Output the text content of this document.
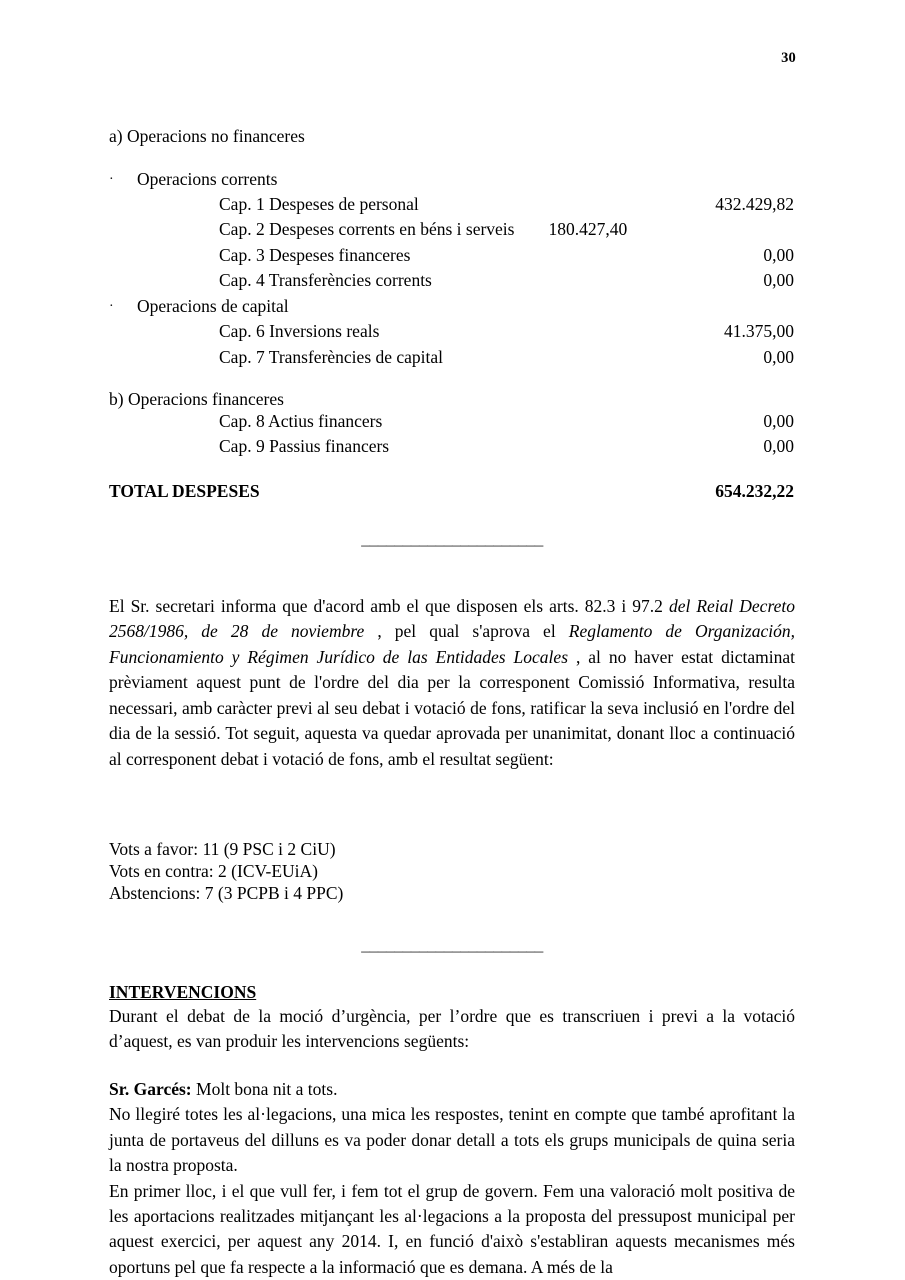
30
a) Operacions no financeres
·	Operacions corrents
Cap. 1 Despeses de personal	432.429,82
Cap. 2 Despeses corrents en béns i serveis	180.427,40
Cap. 3 Despeses financeres	0,00
Cap. 4 Transferències corrents	0,00
·	Operacions de capital
Cap. 6 Inversions reals	41.375,00
Cap. 7 Transferències de capital	0,00
b) Operacions financeres
Cap. 8 Actius financers	0,00
Cap. 9 Passius financers	0,00
TOTAL DESPESES	654.232,22
______________________

El Sr. secretari informa que d'acord amb el que disposen els arts. 82.3 i 97.2 del Reial Decreto 2568/1986, de 28 de noviembre , pel qual s'aprova el Reglamento de Organización, Funcionamiento y Régimen Jurídico de las Entidades Locales , al no haver estat dictaminat prèviament aquest punt de l'ordre del dia per la corresponent Comissió Informativa, resulta necessari, amb caràcter previ al seu debat i votació de fons, ratificar la seva inclusió en l'ordre del dia de la sessió. Tot seguit, aquesta va quedar aprovada per unanimitat, donant lloc a continuació al corresponent debat i votació de fons, amb el resultat següent:

Vots a favor: 11 (9 PSC i 2 CiU)
Vots en contra: 2 (ICV-EUiA)
Abstencions: 7 (3 PCPB i 4 PPC)
______________________
INTERVENCIONS

Durant el debat de la moció d’urgència, per l’ordre que es transcriuen i previ a la votació d’aquest, es van produir les intervencions següents:

Sr. Garcés: Molt bona nit a tots.

No llegiré totes les al·legacions, una mica les respostes, tenint en compte que també aprofitant la junta de portaveus del dilluns es va poder donar detall a tots els grups municipals de quina seria la nostra proposta.

En primer lloc, i el que vull fer, i fem tot el grup de govern. Fem una valoració molt positiva de les aportacions realitzades mitjançant les al·legacions a la proposta del pressupost municipal per aquest exercici, per aquest any 2014. I, en funció d'això s'establiran aquests mecanismes més oportuns pel que fa respecte a la informació que es demana. A més de la
